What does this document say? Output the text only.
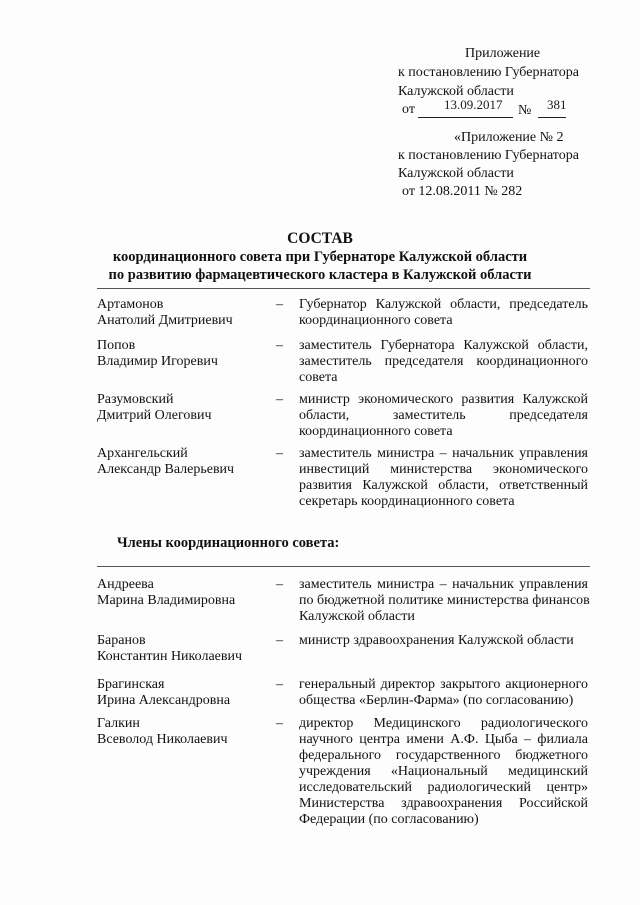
Приложение
к постановлению Губернатора
Калужской области
от 13.09.2017 № 381
«Приложение № 2
к постановлению Губернатора
Калужской области
от 12.08.2011 № 282
СОСТАВ
координационного совета при Губернаторе Калужской области
по развитию фармацевтического кластера в Калужской области
Артамонов
Анатолий Дмитриевич
– Губернатор Калужской области, председатель
координационного совета
Попов
Владимир Игоревич
– заместитель Губернатора Калужской области,
заместитель председателя координационного
совета
Разумовский
Дмитрий Олегович
– министр экономического развития Калужской
области, заместитель председателя
координационного совета
Архангельский
Александр Валерьевич
– заместитель министра – начальник управления
инвестиций министерства экономического
развития Калужской области, ответственный
секретарь координационного совета
Члены координационного совета:
Андреева
Марина Владимировна
– заместитель министра – начальник управления
по бюджетной политике министерства финансов
Калужской области
Баранов
Константин Николаевич
– министр здравоохранения Калужской области
Брагинская
Ирина Александровна
– генеральный директор закрытого акционерного
общества «Берлин-Фарма» (по согласованию)
Галкин
Всеволод Николаевич
– директор Медицинского радиологического
научного центра имени А.Ф. Цыба – филиала
федерального государственного бюджетного
учреждения «Национальный медицинский
исследовательский радиологический центр»
Министерства здравоохранения Российской
Федерации (по согласованию)
